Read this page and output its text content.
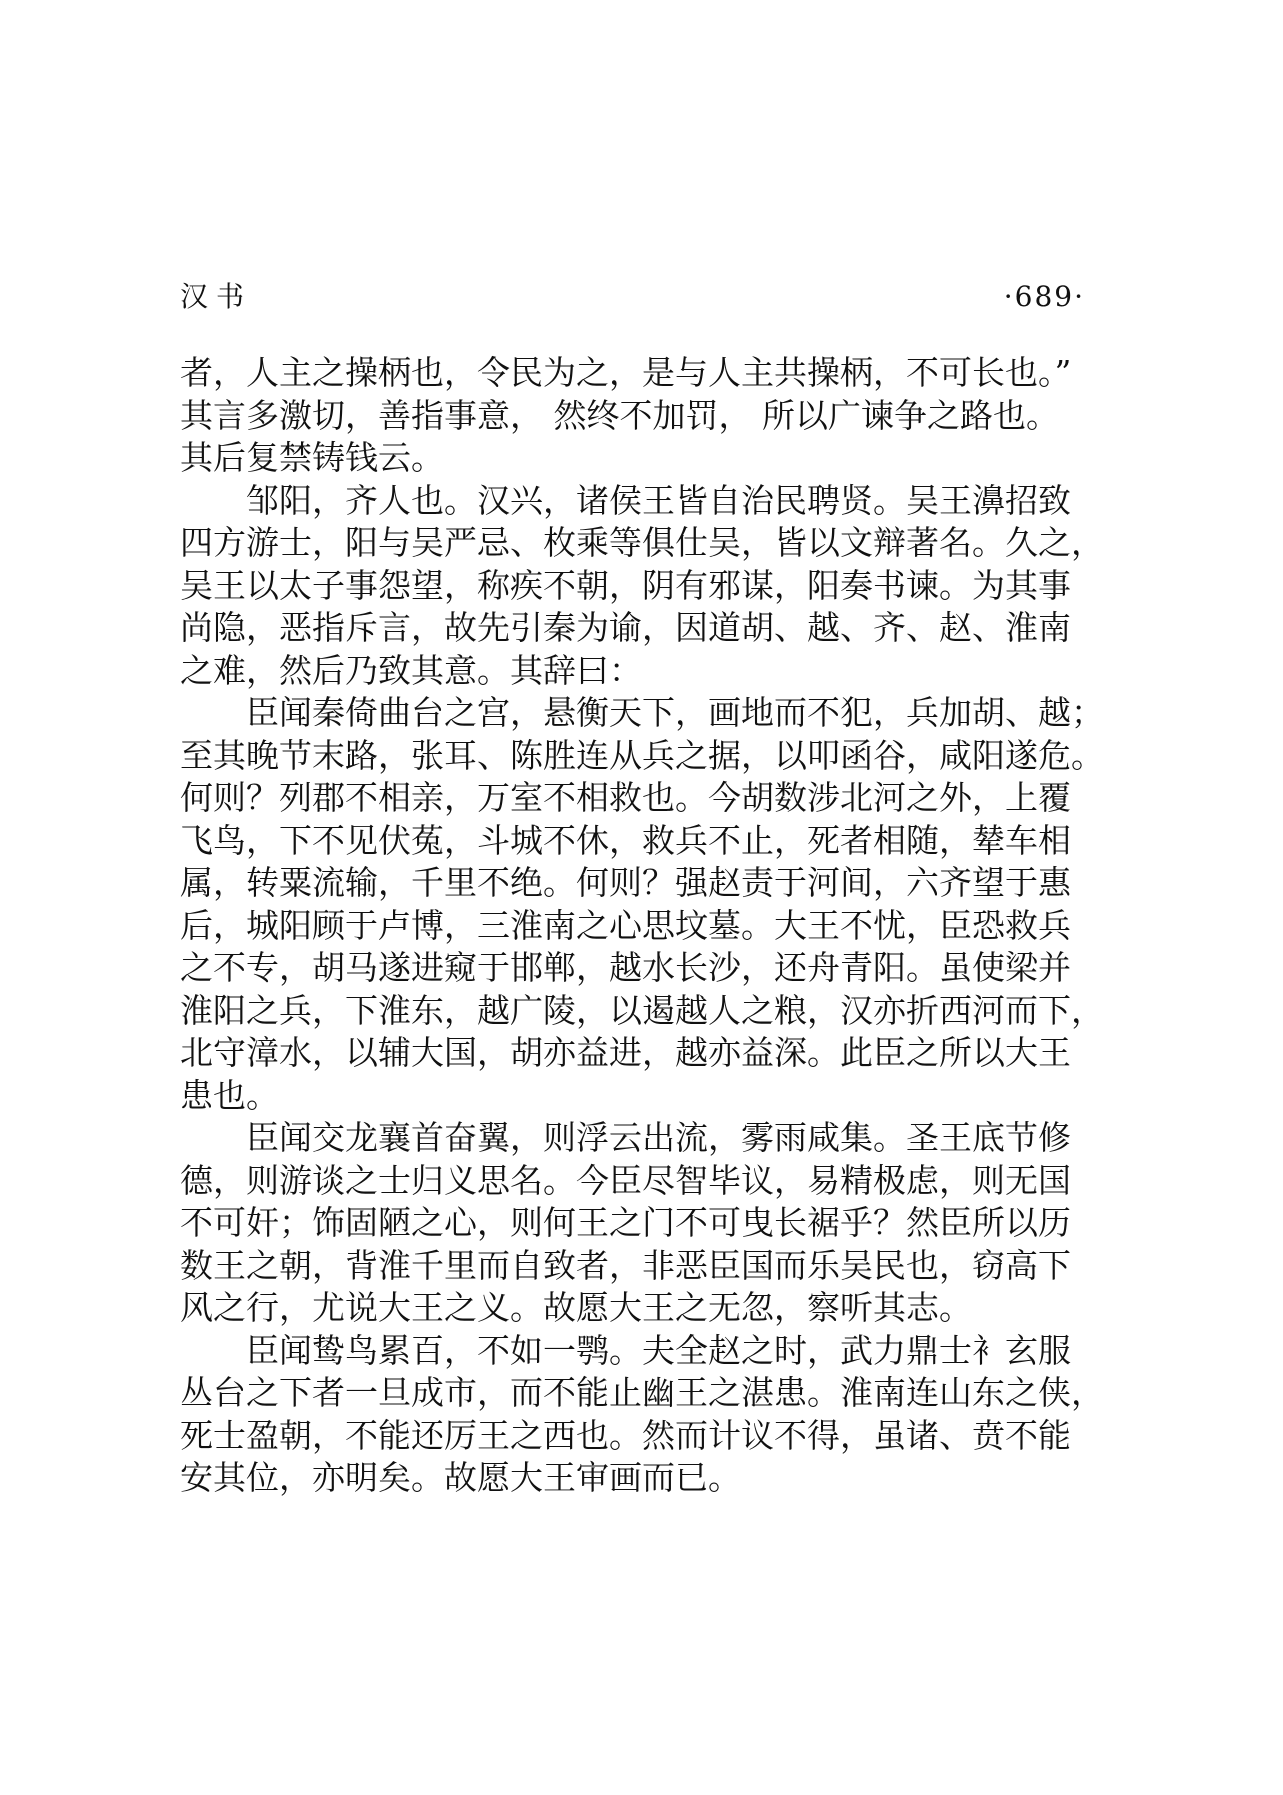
汉书	·689·
者，人主之操柄也，令民为之，是与人主共操柄，不可长也。”
其言多激切，善指事意， 然终不加罚， 所以广谏争之路也。
其后复禁铸钱云。
邹阳，齐人也。汉兴，诸侯王皆自治民聘贤。吴王濞招致
四方游士，阳与吴严忌、枚乘等俱仕吴，皆以文辩著名。久之，
吴王以太子事怨望，称疾不朝，阴有邪谋，阳奏书谏。为其事
尚隐，恶指斥言，故先引秦为谕，因道胡、越、齐、赵、淮南
之难，然后乃致其意。其辞曰：
臣闻秦倚曲台之宫，悬衡天下，画地而不犯，兵加胡、越；
至其晚节末路，张耳、陈胜连从兵之据，以叩函谷，咸阳遂危。
何则？列郡不相亲，万室不相救也。今胡数涉北河之外，上覆
飞鸟，下不见伏菟，斗城不休，救兵不止，死者相随，辇车相
属，转粟流输，千里不绝。何则？强赵责于河间，六齐望于惠
后，城阳顾于卢博，三淮南之心思坟墓。大王不忧，臣恐救兵
之不专，胡马遂进窥于邯郸，越水长沙，还舟青阳。虽使梁并
淮阳之兵，下淮东，越广陵，以遏越人之粮，汉亦折西河而下，
北守漳水，以辅大国，胡亦益进，越亦益深。此臣之所以大王
患也。
臣闻交龙襄首奋翼，则浮云出流，雾雨咸集。圣王底节修
德，则游谈之士归义思名。今臣尽智毕议，易精极虑，则无国
不可奸；饰固陋之心，则何王之门不可曳长裾乎？然臣所以历
数王之朝，背淮千里而自致者，非恶臣国而乐吴民也，窃高下
风之行，尤说大王之义。故愿大王之无忽，察听其志。
臣闻鸷鸟累百，不如一鹗。夫全赵之时，武力鼎士衤玄服
丛台之下者一旦成市，而不能止幽王之湛患。淮南连山东之侠，
死士盈朝，不能还厉王之西也。然而计议不得，虽诸、贲不能
安其位，亦明矣。故愿大王审画而已。
